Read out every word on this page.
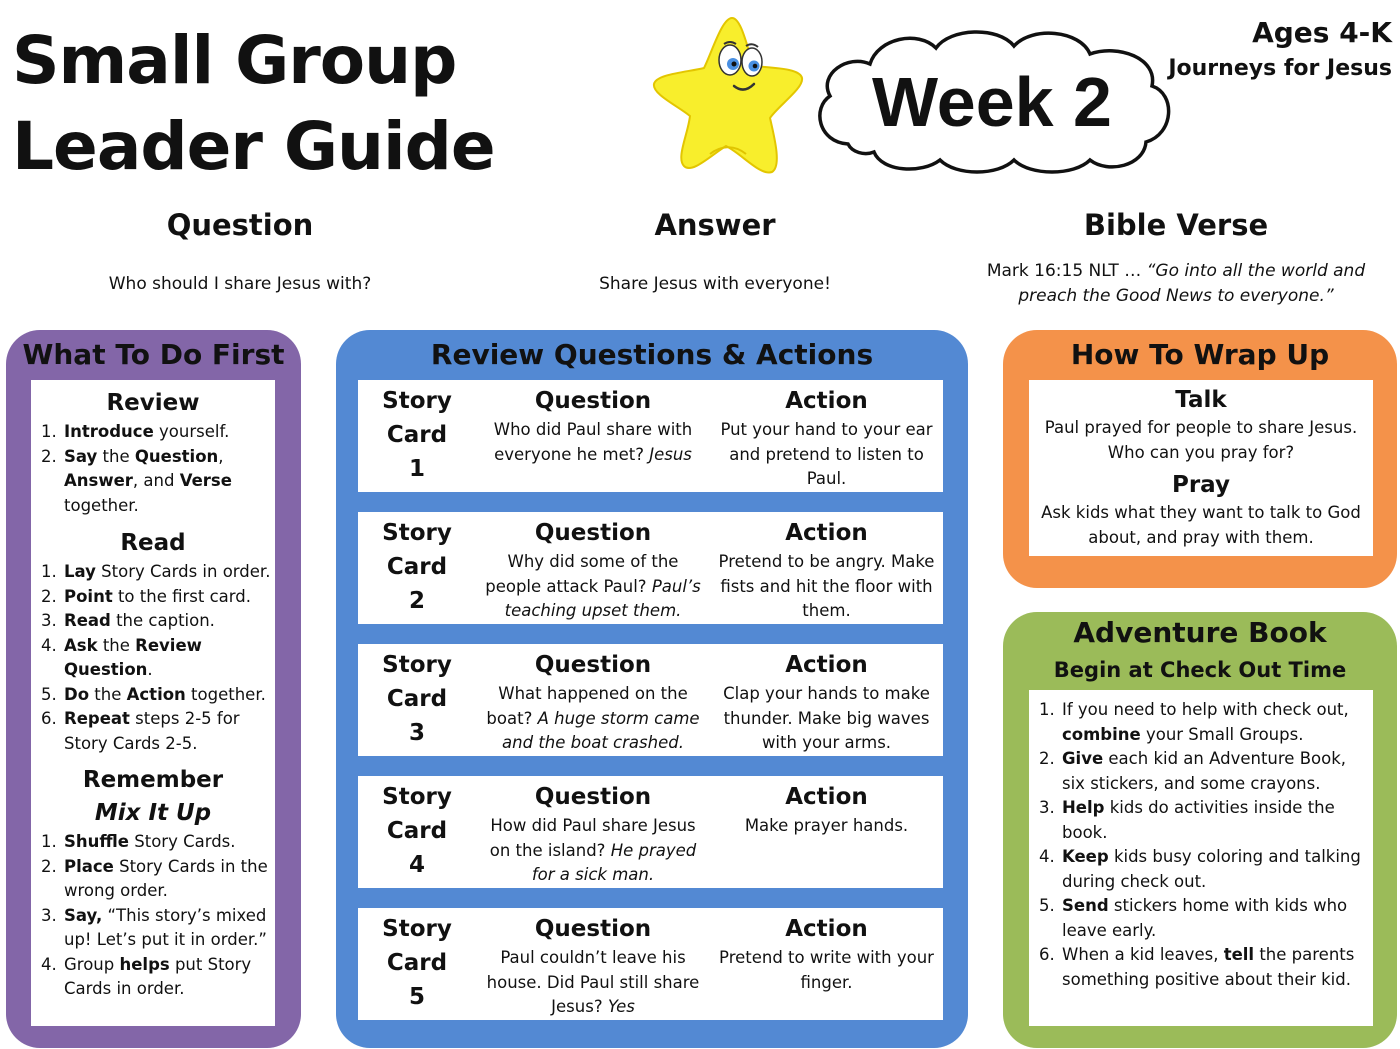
Small Group
Leader Guide
Week 2
Ages 4-K
Journeys for Jesus
Question
Who should I share Jesus with?
Answer
Share Jesus with everyone!
Bible Verse
Mark 16:15 NLT … “Go into all the world and preach the Good News to everyone.”
What To Do First
Review
1. Introduce yourself.
2. Say the Question, Answer, and Verse together.
Read
1. Lay Story Cards in order.
2. Point to the first card.
3. Read the caption.
4. Ask the Review Question.
5. Do the Action together.
6. Repeat steps 2-5 for Story Cards 2-5.
Remember
Mix It Up
1. Shuffle Story Cards.
2. Place Story Cards in the wrong order.
3. Say, “This story’s mixed up! Let’s put it in order.”
4. Group helps put Story Cards in order.
Review Questions & Actions
Story
Card
1
Question
Who did Paul share with everyone he met? Jesus
Action
Put your hand to your ear and pretend to listen to Paul.
Story
Card
2
Question
Why did some of the people attack Paul? Paul’s teaching upset them.
Action
Pretend to be angry. Make fists and hit the floor with them.
Story
Card
3
Question
What happened on the boat? A huge storm came and the boat crashed.
Action
Clap your hands to make thunder. Make big waves with your arms.
Story
Card
4
Question
How did Paul share Jesus on the island? He prayed for a sick man.
Action
Make prayer hands.
Story
Card
5
Question
Paul couldn’t leave his house. Did Paul still share Jesus? Yes
Action
Pretend to write with your finger.
How To Wrap Up
Talk
Paul prayed for people to share Jesus. Who can you pray for?
Pray
Ask kids what they want to talk to God about, and pray with them.
Adventure Book
Begin at Check Out Time
1. If you need to help with check out, combine your Small Groups.
2. Give each kid an Adventure Book, six stickers, and some crayons.
3. Help kids do activities inside the book.
4. Keep kids busy coloring and talking during check out.
5. Send stickers home with kids who leave early.
6. When a kid leaves, tell the parents something positive about their kid.
